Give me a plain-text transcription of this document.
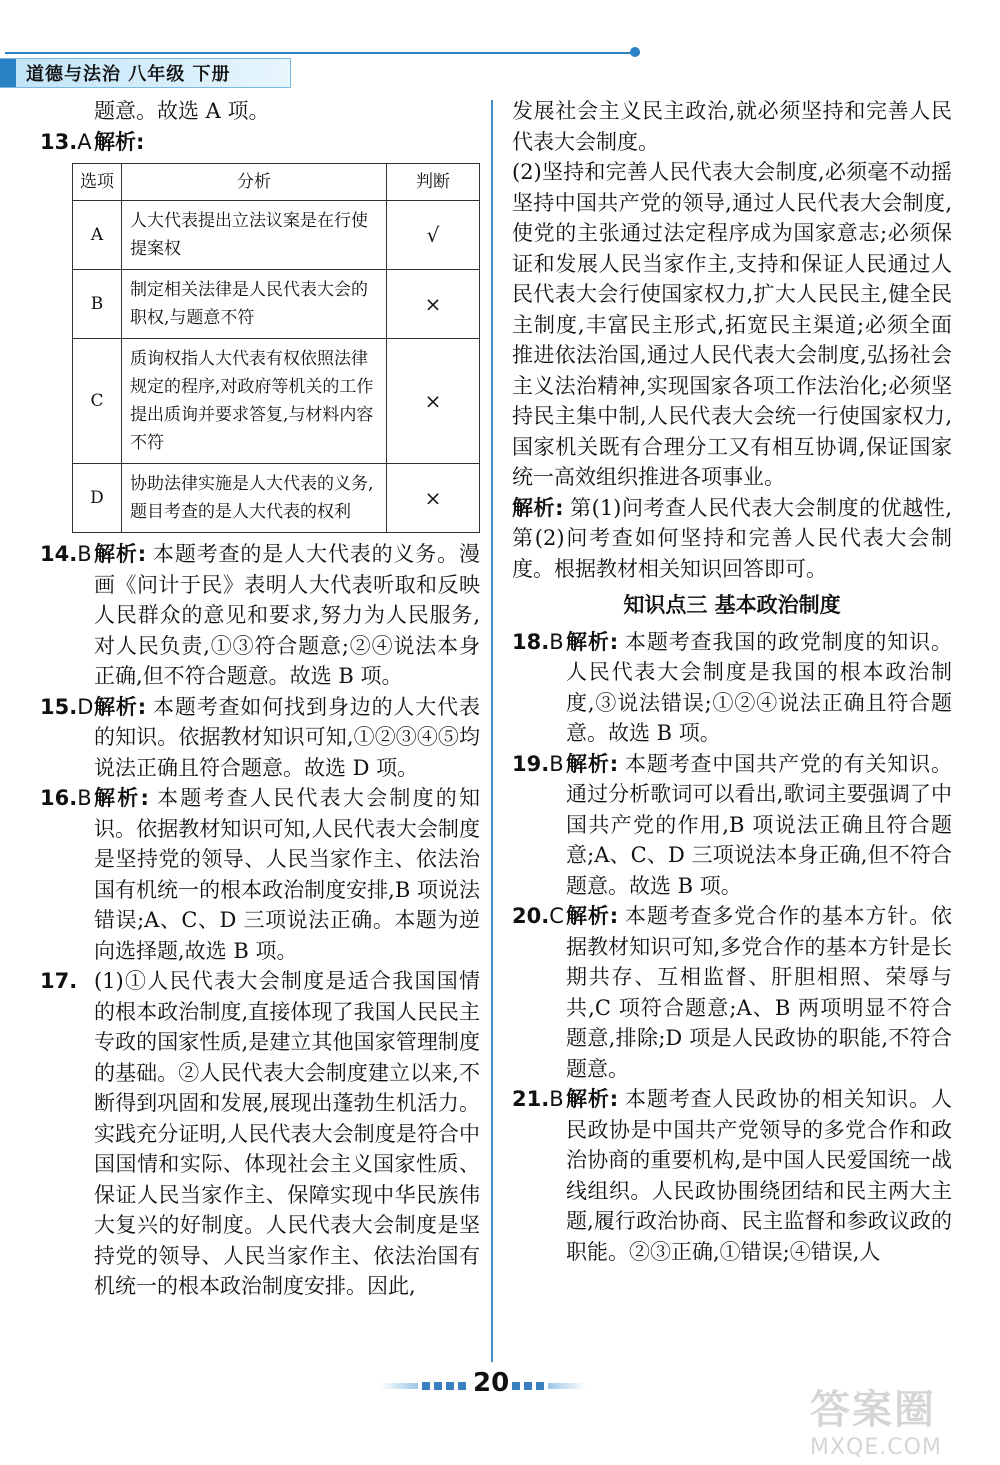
道德与法治 八年级 下册

题意。故选 A 项。

13.A 解析:
选项	分析	判断
A	人大代表提出立法议案是在行使提案权	√
B	制定相关法律是人民代表大会的职权,与题意不符	×
C	质询权指人大代表有权依照法律规定的程序,对政府等机关的工作提出质询并要求答复,与材料内容不符	×
D	协助法律实施是人大代表的义务,题目考查的是人大代表的权利	×
14.B 解析: 本题考查的是人大代表的义务。漫画《问计于民》表明人大代表听取和反映人民群众的意见和要求,努力为人民服务,对人民负责,①③符合题意;②④说法本身正确,但不符合题意。故选 B 项。
15.D 解析: 本题考查如何找到身边的人大代表的知识。依据教材知识可知,①②③④⑤均说法正确且符合题意。故选 D 项。
16.B 解析: 本题考查人民代表大会制度的知识。依据教材知识可知,人民代表大会制度是坚持党的领导、人民当家作主、依法治国有机统一的根本政治制度安排,B 项说法错误;A、C、D 三项说法正确。本题为逆向选择题,故选 B 项。
17. (1)①人民代表大会制度是适合我国国情的根本政治制度,直接体现了我国人民民主专政的国家性质,是建立其他国家管理制度的基础。②人民代表大会制度建立以来,不断得到巩固和发展,展现出蓬勃生机活力。实践充分证明,人民代表大会制度是符合中国国情和实际、体现社会主义国家性质、保证人民当家作主、保障实现中华民族伟大复兴的好制度。人民代表大会制度是坚持党的领导、人民当家作主、依法治国有机统一的根本政治制度安排。因此,

发展社会主义民主政治,就必须坚持和完善人民代表大会制度。

(2)坚持和完善人民代表大会制度,必须毫不动摇坚持中国共产党的领导,通过人民代表大会制度,使党的主张通过法定程序成为国家意志;必须保证和发展人民当家作主,支持和保证人民通过人民代表大会行使国家权力,扩大人民民主,健全民主制度,丰富民主形式,拓宽民主渠道;必须全面推进依法治国,通过人民代表大会制度,弘扬社会主义法治精神,实现国家各项工作法治化;必须坚持民主集中制,人民代表大会统一行使国家权力,国家机关既有合理分工又有相互协调,保证国家统一高效组织推进各项事业。

解析: 第(1)问考查人民代表大会制度的优越性,第(2)问考查如何坚持和完善人民代表大会制度。根据教材相关知识回答即可。

知识点三 基本政治制度
18.B 解析: 本题考查我国的政党制度的知识。人民代表大会制度是我国的根本政治制度,③说法错误;①②④说法正确且符合题意。故选 B 项。
19.B 解析: 本题考查中国共产党的有关知识。通过分析歌词可以看出,歌词主要强调了中国共产党的作用,B 项说法正确且符合题意;A、C、D 三项说法本身正确,但不符合题意。故选 B 项。
20.C 解析: 本题考查多党合作的基本方针。依据教材知识可知,多党合作的基本方针是长期共存、互相监督、肝胆相照、荣辱与共,C 项符合题意;A、B 两项明显不符合题意,排除;D 项是人民政协的职能,不符合题意。
21.B 解析: 本题考查人民政协的相关知识。人民政协是中国共产党领导的多党合作和政治协商的重要机构,是中国人民爱国统一战线组织。人民政协围绕团结和民主两大主题,履行政治协商、民主监督和参政议政的职能。②③正确,①错误;④错误,人
20
答案圈
MXQE.COM
